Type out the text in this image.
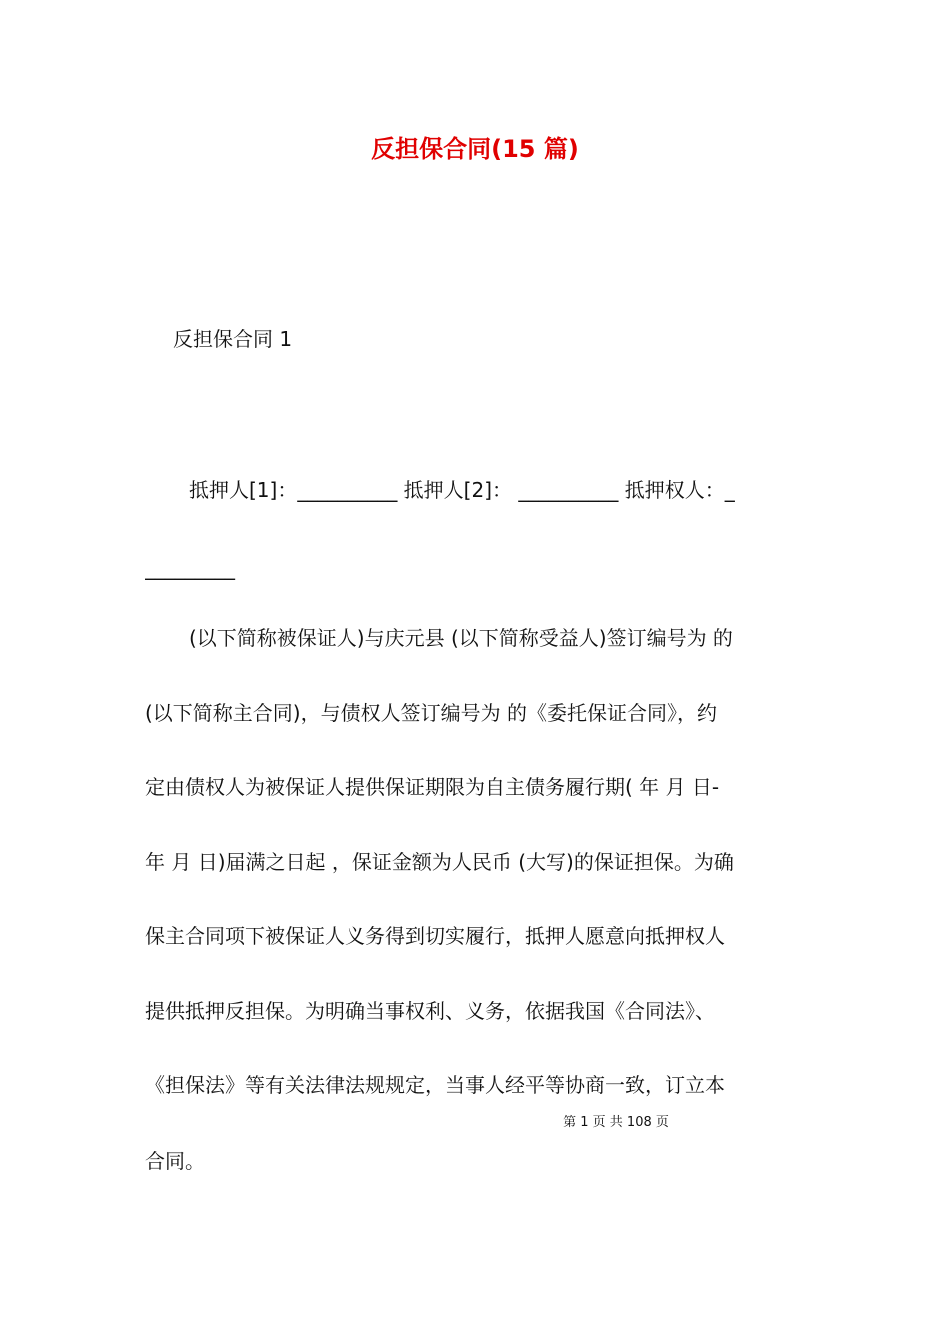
反担保合同(15 篇)
反担保合同 1
抵押人[1]：__________ 抵押人[2]： __________ 抵押权人：_
_________
(以下简称被保证人)与庆元县 (以下简称受益人)签订编号为 的
(以下简称主合同)，与债权人签订编号为 的《委托保证合同》，约
定由债权人为被保证人提供保证期限为自主债务履行期( 年 月 日-
年 月 日)届满之日起 ，保证金额为人民币 (大写)的保证担保。为确
保主合同项下被保证人义务得到切实履行，抵押人愿意向抵押权人
提供抵押反担保。为明确当事权利、义务，依据我国《合同法》、
《担保法》等有关法律法规规定，当事人经平等协商一致，订立本
第 1 页 共 108 页
合同。
